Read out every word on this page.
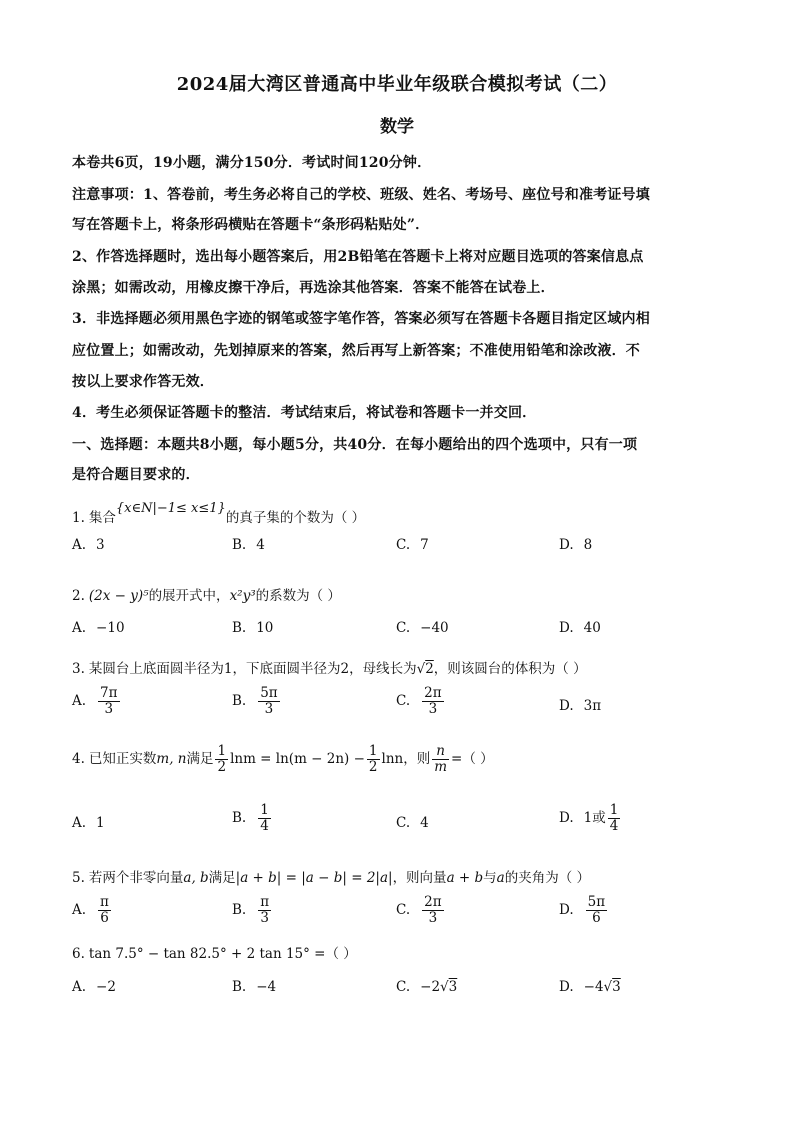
2024届大湾区普通高中毕业年级联合模拟考试（二）
数学
本卷共6页，19小题，满分150分．考试时间120分钟．
注意事项：1、答卷前，考生务必将自己的学校、班级、姓名、考场号、座位号和准考证号填
写在答题卡上，将条形码横贴在答题卡“条形码粘贴处”．
2、作答选择题时，选出每小题答案后，用2B铅笔在答题卡上将对应题目选项的答案信息点
涂黑；如需改动，用橡皮擦干净后，再选涂其他答案．答案不能答在试卷上．
3．非选择题必须用黑色字迹的钢笔或签字笔作答，答案必须写在答题卡各题目指定区域内相
应位置上；如需改动，先划掉原来的答案，然后再写上新答案；不准使用铅笔和涂改液．不
按以上要求作答无效．
4．考生必须保证答题卡的整洁．考试结束后，将试卷和答题卡一并交回．
一、选择题：本题共8小题，每小题5分，共40分．在每小题给出的四个选项中，只有一项
是符合题目要求的．
1. 集合{x∈N|−1≤ x≤1}的真子集的个数为（ ）
A. 3	B. 4	C. 7	D. 8
2. (2x − y)⁵的展开式中，x²y³的系数为（ ）
A. −10	B. 10	C. −40	D. 40
3. 某圆台上底面圆半径为1，下底面圆半径为2，母线长为√2，则该圆台的体积为（ ）
A. $\frac{7\pi}{3}$	B. $\frac{5\pi}{3}$	C. $\frac{2\pi}{3}$	D. 3π
4. 已知正实数m, n满足 $\frac{1}{2}$ $\ln m = \ln(m - 2n) - \frac{1}{2}$ lnn，则 $\frac{n}{m}$ =（ ）
A. 1	B. $\frac{1}{4}$	C. 4	D. 1或 $\frac{1}{4}$
5. 若两个非零向量a, b满足|a + b| = |a − b| = 2|a|，则向量a + b与a的夹角为（ ）
A. $\frac{\pi}{6}$	B. $\frac{\pi}{3}$	C. $\frac{2\pi}{3}$	D. $\frac{5\pi}{6}$
6. tan 7.5° − tan 82.5° + 2 tan 15° =（ ）
A. −2	B. −4	C. −2√3	D. −4√3
